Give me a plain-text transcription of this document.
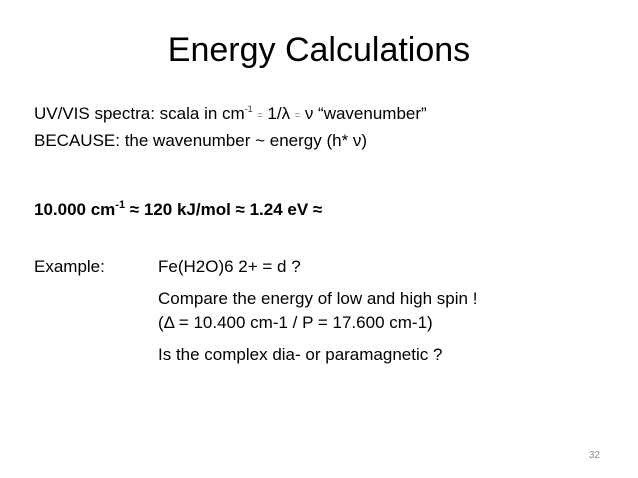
Energy Calculations
UV/VIS spectra: scala in $cm^{-1} = 1/\lambda = \nu$ “wavenumber”
BECAUSE: the wavenumber ~ energy (h* ν)
10.000 $cm^{-1} \approx 120$ kJ/mol ≈ 1.24 eV ≈
Example:	Fe(H2O)6 2+ = d ?
Compare the energy of low and high spin !
(Δ = 10.400 cm-1 / P = 17.600 cm-1)
Is the complex dia- or paramagnetic ?
32
